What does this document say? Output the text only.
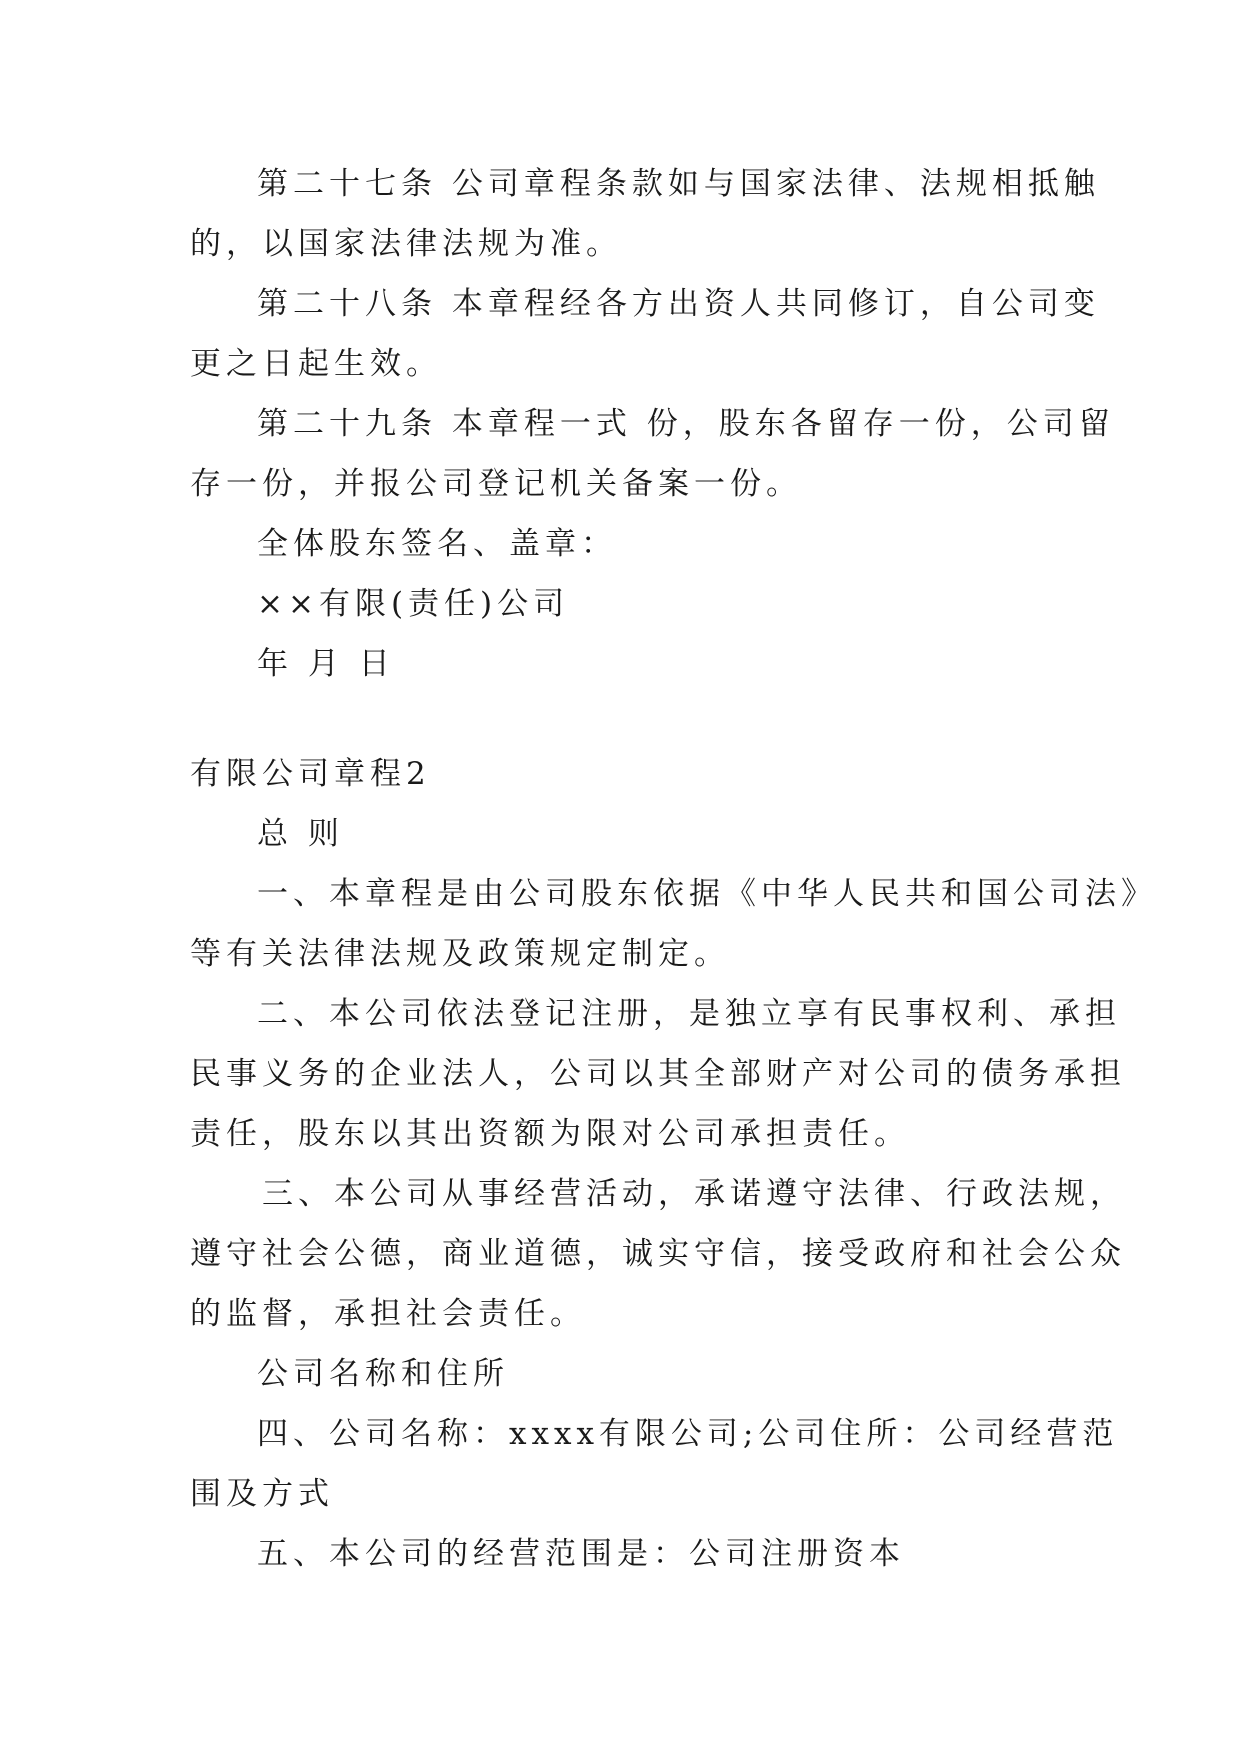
第二十七条 公司章程条款如与国家法律、法规相抵触
的，以国家法律法规为准。
第二十八条 本章程经各方出资人共同修订，自公司变
更之日起生效。
第二十九条 本章程一式 份，股东各留存一份，公司留
存一份，并报公司登记机关备案一份。
全体股东签名、盖章：
××有限(责任)公司
年 月 日
有限公司章程2
总 则
一、本章程是由公司股东依据《中华人民共和国公司法》
等有关法律法规及政策规定制定。
二、本公司依法登记注册，是独立享有民事权利、承担
民事义务的企业法人，公司以其全部财产对公司的债务承担
责任，股东以其出资额为限对公司承担责任。
三、本公司从事经营活动，承诺遵守法律、行政法规，
遵守社会公德，商业道德，诚实守信，接受政府和社会公众
的监督，承担社会责任。
公司名称和住所
四、公司名称：xxxx有限公司;公司住所：公司经营范
围及方式
五、本公司的经营范围是：公司注册资本
